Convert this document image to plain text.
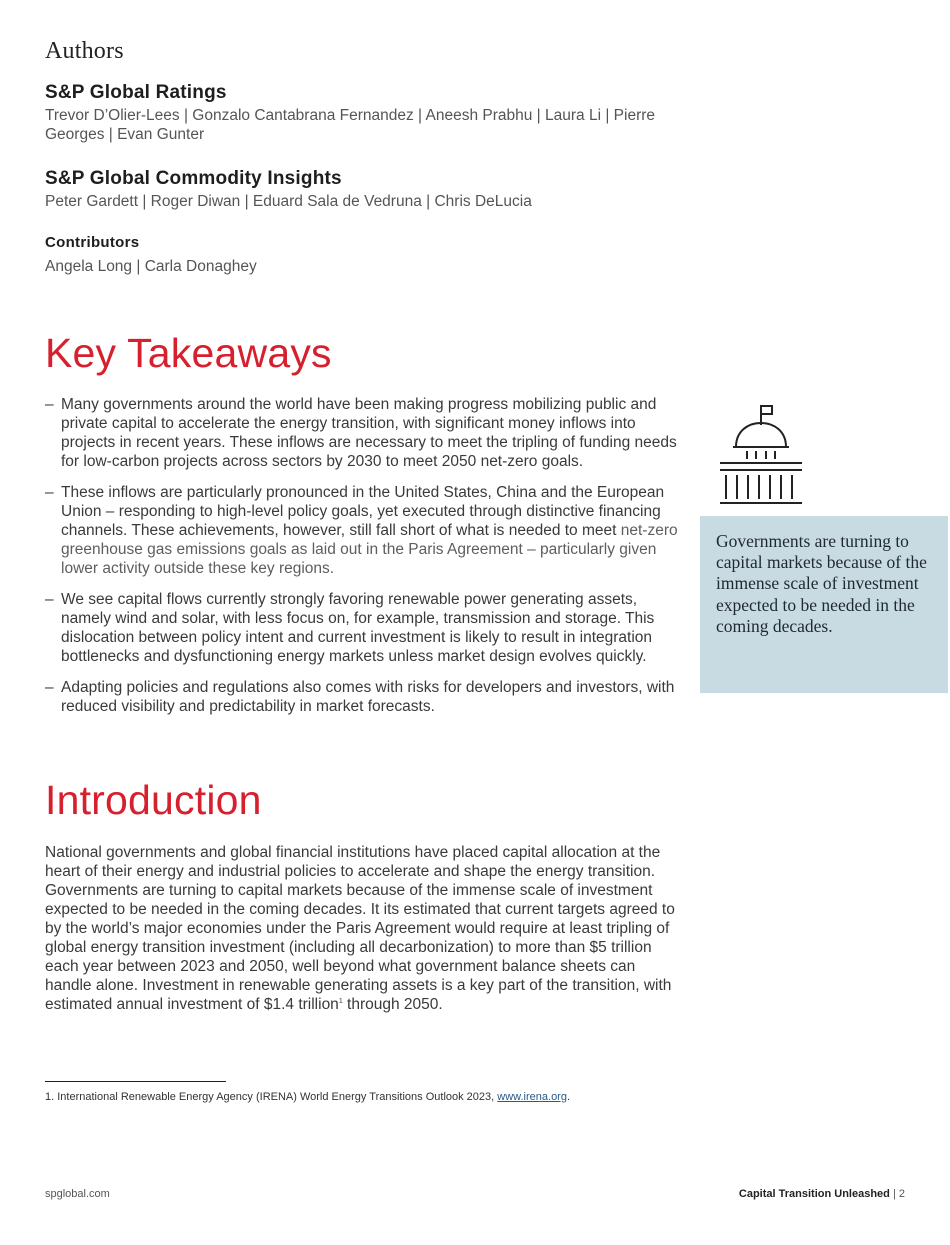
Authors

S&P Global Ratings

Trevor D’Olier-Lees | Gonzalo Cantabrana Fernandez | Aneesh Prabhu | Laura Li | Pierre Georges | Evan Gunter

S&P Global Commodity Insights

Peter Gardett | Roger Diwan | Eduard Sala de Vedruna | Chris DeLucia

Contributors

Angela Long | Carla Donaghey

Key Takeaways
– Many governments around the world have been making progress mobilizing public and private capital to accelerate the energy transition, with significant money inflows into projects in recent years. These inflows are necessary to meet the tripling of funding needs for low-carbon projects across sectors by 2030 to meet 2050 net-zero goals.
– These inflows are particularly pronounced in the United States, China and the European Union – responding to high-level policy goals, yet executed through distinctive financing channels. These achievements, however, still fall short of what is needed to meet net-zero greenhouse gas emissions goals as laid out in the Paris Agreement – particularly given lower activity outside these key regions.
– We see capital flows currently strongly favoring renewable power generating assets, namely wind and solar, with less focus on, for example, transmission and storage. This dislocation between policy intent and current investment is likely to result in integration bottlenecks and dysfunctioning energy markets unless market design evolves quickly.
– Adapting policies and regulations also comes with risks for developers and investors, with reduced visibility and predictability in market forecasts.

Governments are turning to capital markets because of the immense scale of investment expected to be needed in the coming decades.

Introduction

National governments and global financial institutions have placed capital allocation at the heart of their energy and industrial policies to accelerate and shape the energy transition. Governments are turning to capital markets because of the immense scale of investment expected to be needed in the coming decades. It its estimated that current targets agreed to by the world’s major economies under the Paris Agreement would require at least tripling of global energy transition investment (including all decarbonization) to more than $5 trillion each year between 2023 and 2050, well beyond what government balance sheets can handle alone. Investment in renewable generating assets is a key part of the transition, with estimated annual investment of $1.4 trillion$^1$ through 2050.

1. International Renewable Energy Agency (IRENA) World Energy Transitions Outlook 2023, www.irena.org.

spglobal.com	Capital Transition Unleashed | 2
